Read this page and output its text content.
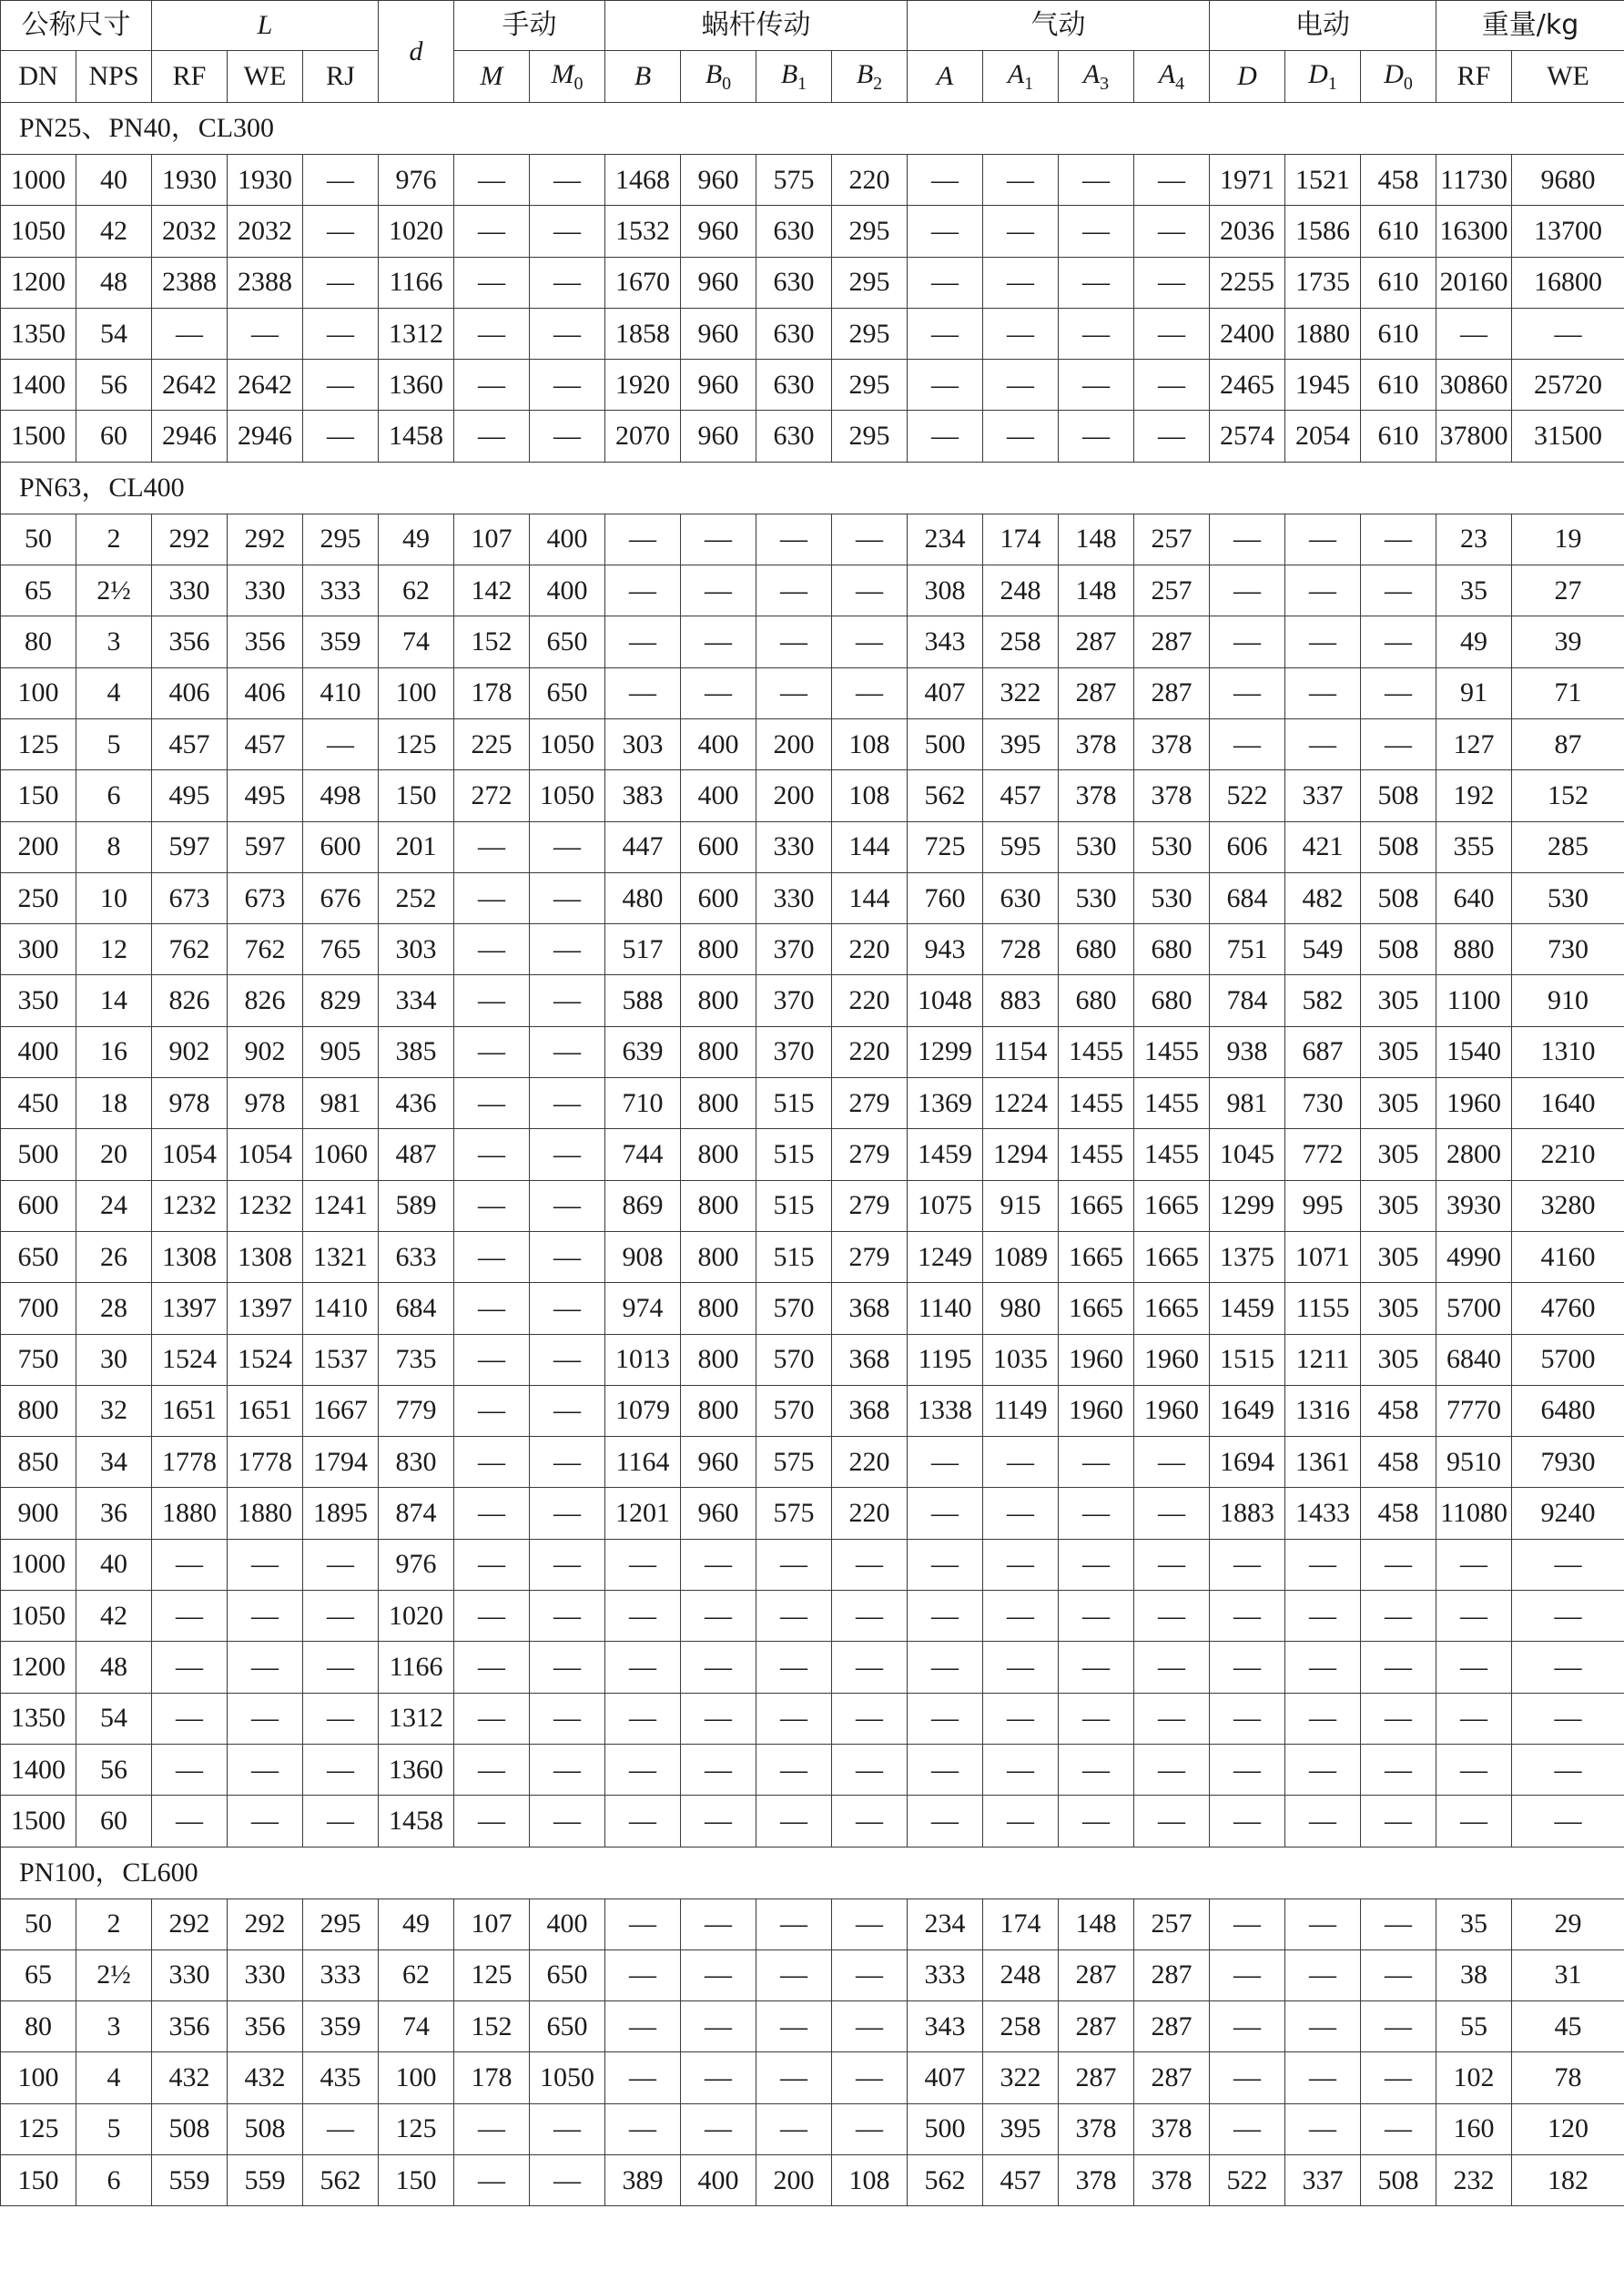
公称尺寸		L			d	手动		蜗杆传动				气动				电动			重量/kg	
DN	NPS	RF	WE	RJ		M	$M_0$	B	$B_0$	$B_1$	$B_2$	A	$A_1$	$A_3$	$A_4$	D	$D_1$	$D_0$	RF	WE
PN25、PN40，CL300																				
1000	40	1930	1930	—	976	—	—	1468	960	575	220	—	—	—	—	1971	1521	458	11730	9680
1050	42	2032	2032	—	1020	—	—	1532	960	630	295	—	—	—	—	2036	1586	610	16300	13700
1200	48	2388	2388	—	1166	—	—	1670	960	630	295	—	—	—	—	2255	1735	610	20160	16800
1350	54	—	—	—	1312	—	—	1858	960	630	295	—	—	—	—	2400	1880	610	—	—
1400	56	2642	2642	—	1360	—	—	1920	960	630	295	—	—	—	—	2465	1945	610	30860	25720
1500	60	2946	2946	—	1458	—	—	2070	960	630	295	—	—	—	—	2574	2054	610	37800	31500
PN63，CL400																				
50	2	292	292	295	49	107	400	—	—	—	—	234	174	148	257	—	—	—	23	19
65	2½	330	330	333	62	142	400	—	—	—	—	308	248	148	257	—	—	—	35	27
80	3	356	356	359	74	152	650	—	—	—	—	343	258	287	287	—	—	—	49	39
100	4	406	406	410	100	178	650	—	—	—	—	407	322	287	287	—	—	—	91	71
125	5	457	457	—	125	225	1050	303	400	200	108	500	395	378	378	—	—	—	127	87
150	6	495	495	498	150	272	1050	383	400	200	108	562	457	378	378	522	337	508	192	152
200	8	597	597	600	201	—	—	447	600	330	144	725	595	530	530	606	421	508	355	285
250	10	673	673	676	252	—	—	480	600	330	144	760	630	530	530	684	482	508	640	530
300	12	762	762	765	303	—	—	517	800	370	220	943	728	680	680	751	549	508	880	730
350	14	826	826	829	334	—	—	588	800	370	220	1048	883	680	680	784	582	305	1100	910
400	16	902	902	905	385	—	—	639	800	370	220	1299	1154	1455	1455	938	687	305	1540	1310
450	18	978	978	981	436	—	—	710	800	515	279	1369	1224	1455	1455	981	730	305	1960	1640
500	20	1054	1054	1060	487	—	—	744	800	515	279	1459	1294	1455	1455	1045	772	305	2800	2210
600	24	1232	1232	1241	589	—	—	869	800	515	279	1075	915	1665	1665	1299	995	305	3930	3280
650	26	1308	1308	1321	633	—	—	908	800	515	279	1249	1089	1665	1665	1375	1071	305	4990	4160
700	28	1397	1397	1410	684	—	—	974	800	570	368	1140	980	1665	1665	1459	1155	305	5700	4760
750	30	1524	1524	1537	735	—	—	1013	800	570	368	1195	1035	1960	1960	1515	1211	305	6840	5700
800	32	1651	1651	1667	779	—	—	1079	800	570	368	1338	1149	1960	1960	1649	1316	458	7770	6480
850	34	1778	1778	1794	830	—	—	1164	960	575	220	—	—	—	—	1694	1361	458	9510	7930
900	36	1880	1880	1895	874	—	—	1201	960	575	220	—	—	—	—	1883	1433	458	11080	9240
1000	40	—	—	—	976	—	—	—	—	—	—	—	—	—	—	—	—	—	—	—
1050	42	—	—	—	1020	—	—	—	—	—	—	—	—	—	—	—	—	—	—	—
1200	48	—	—	—	1166	—	—	—	—	—	—	—	—	—	—	—	—	—	—	—
1350	54	—	—	—	1312	—	—	—	—	—	—	—	—	—	—	—	—	—	—	—
1400	56	—	—	—	1360	—	—	—	—	—	—	—	—	—	—	—	—	—	—	—
1500	60	—	—	—	1458	—	—	—	—	—	—	—	—	—	—	—	—	—	—	—
PN100，CL600																				
50	2	292	292	295	49	107	400	—	—	—	—	234	174	148	257	—	—	—	35	29
65	2½	330	330	333	62	125	650	—	—	—	—	333	248	287	287	—	—	—	38	31
80	3	356	356	359	74	152	650	—	—	—	—	343	258	287	287	—	—	—	55	45
100	4	432	432	435	100	178	1050	—	—	—	—	407	322	287	287	—	—	—	102	78
125	5	508	508	—	125	—	—	—	—	—	—	500	395	378	378	—	—	—	160	120
150	6	559	559	562	150	—	—	389	400	200	108	562	457	378	378	522	337	508	232	182
